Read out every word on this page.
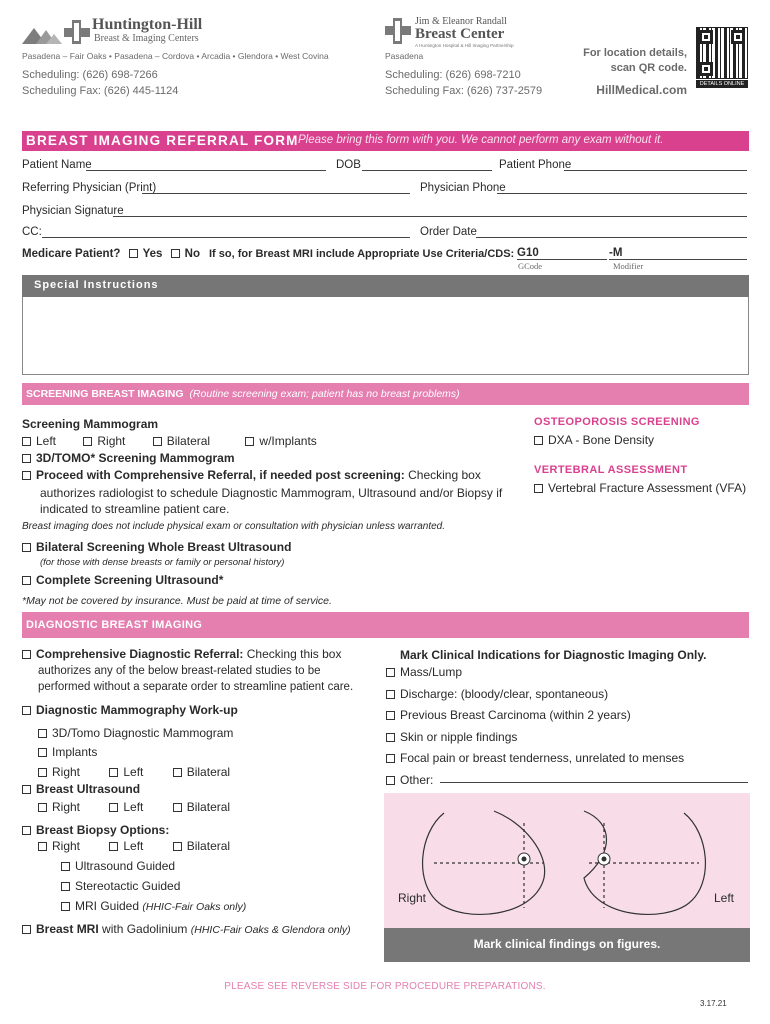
Huntington-Hill
Breast & Imaging Centers
Pasadena – Fair Oaks • Pasadena – Cordova • Arcadia • Glendora • West Covina
Scheduling: (626) 698-7266
Scheduling Fax: (626) 445-1124
Jim & Eleanor Randall
Breast Center
A Huntington Hospital & Hill Imaging Partnership
Pasadena
Scheduling: (626) 698-7210
Scheduling Fax: (626) 737-2579
For location details,
scan QR code.
HillMedical.com	DETAILS ONLINE
BREAST IMAGING REFERRAL FORM Please bring this form with you. We cannot perform any exam without it.
Patient Name	DOB	Patient Phone
Referring Physician (Print)	Physician Phone
Physician Signature
CC:	Order Date
Medicare Patient? Yes No If so, for Breast MRI include Appropriate Use Criteria/CDS: G10	-M
GCode	Modifier
Special Instructions
SCREENING BREAST IMAGING (Routine screening exam; patient has no breast problems)
Screening Mammogram
Left	Right	Bilateral	w/Implants
3D/TOMO* Screening Mammogram
Proceed with Comprehensive Referral, if needed post screening: Checking box
authorizes radiologist to schedule Diagnostic Mammogram, Ultrasound and/or Biopsy if
indicated to streamline patient care.
Breast imaging does not include physical exam or consultation with physician unless warranted.
OSTEOPOROSIS SCREENING
DXA - Bone Density
VERTEBRAL ASSESSMENT
Vertebral Fracture Assessment (VFA)
Bilateral Screening Whole Breast Ultrasound
(for those with dense breasts or family or personal history)
Complete Screening Ultrasound*
*May not be covered by insurance. Must be paid at time of service.
DIAGNOSTIC BREAST IMAGING
Comprehensive Diagnostic Referral: Checking this box
authorizes any of the below breast-related studies to be
performed without a separate order to streamline patient care.
Diagnostic Mammography Work-up
3D/Tomo Diagnostic Mammogram
Implants
Right	Left	Bilateral
Breast Ultrasound
Right	Left	Bilateral
Breast Biopsy Options:
Right	Left	Bilateral
Ultrasound Guided
Stereotactic Guided
MRI Guided (HHIC-Fair Oaks only)
Breast MRI with Gadolinium (HHIC-Fair Oaks & Glendora only)
Mark Clinical Indications for Diagnostic Imaging Only.
Mass/Lump
Discharge: (bloody/clear, spontaneous)
Previous Breast Carcinoma (within 2 years)
Skin or nipple findings
Focal pain or breast tenderness, unrelated to menses
Other:
Right	Left
Mark clinical findings on figures.
PLEASE SEE REVERSE SIDE FOR PROCEDURE PREPARATIONS.
3.17.21
